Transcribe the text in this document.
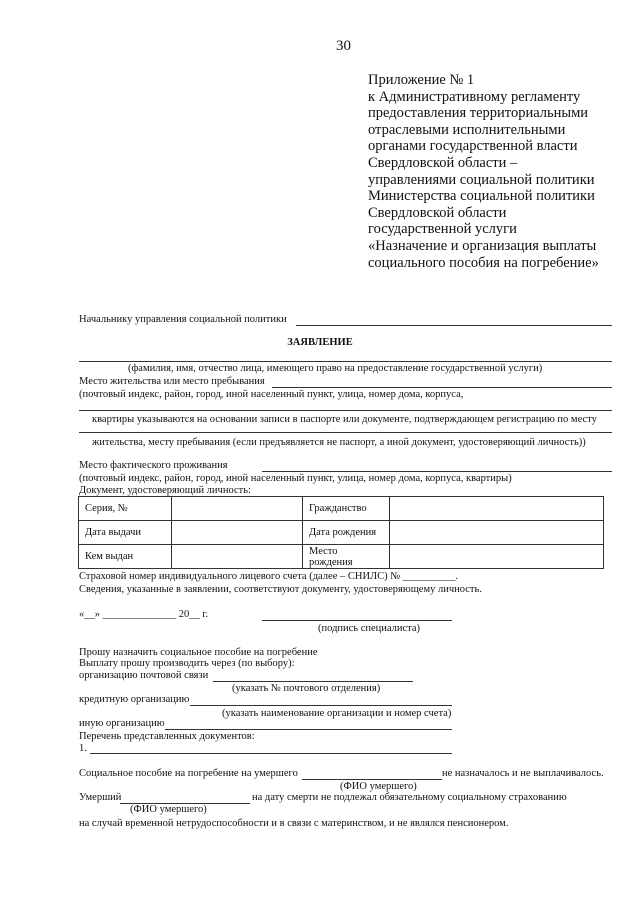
30
Приложение № 1
к Административному регламенту
предоставления территориальными
отраслевыми исполнительными
органами государственной власти
Свердловской области –
управлениями социальной политики
Министерства социальной политики
Свердловской области
государственной услуги
«Назначение и организация выплаты
социального пособия на погребение»
Начальнику управления социальной политики
ЗАЯВЛЕНИЕ
(фамилия, имя, отчество лица, имеющего право на предоставление государственной услуги)
Место жительства или место пребывания
(почтовый индекс, район, город, иной населенный пункт, улица, номер дома, корпуса,
квартиры указываются на основании записи в паспорте или документе, подтверждающем регистрацию по месту
жительства, месту пребывания (если предъявляется не паспорт, а иной документ, удостоверяющий личность))
Место фактического проживания
(почтовый индекс, район, город, иной населенный пункт, улица, номер дома, корпуса, квартиры)
Документ, удостоверяющий личность:
Серия, №		Гражданство	
Дата выдачи		Дата рождения	
Кем выдан		Место рождения	
Страховой номер индивидуального лицевого счета (далее – СНИЛС) № __________.
Сведения, указанные в заявлении, соответствуют документу, удостоверяющему личность.
«__» ______________ 20__ г.
(подпись специалиста)
Прошу назначить социальное пособие на погребение
Выплату прошу производить через (по выбору):
организацию почтовой связи
(указать № почтового отделения)
кредитную организацию
(указать наименование организации и номер счета)
иную организацию
Перечень представленных документов:
1.
Социальное пособие на погребение на умершего	не назначалось и не выплачивалось.
(ФИО умершего)
Умерший	на дату смерти не подлежал обязательному социальному страхованию
(ФИО умершего)
на случай временной нетрудоспособности и в связи с материнством, и не являлся пенсионером.
